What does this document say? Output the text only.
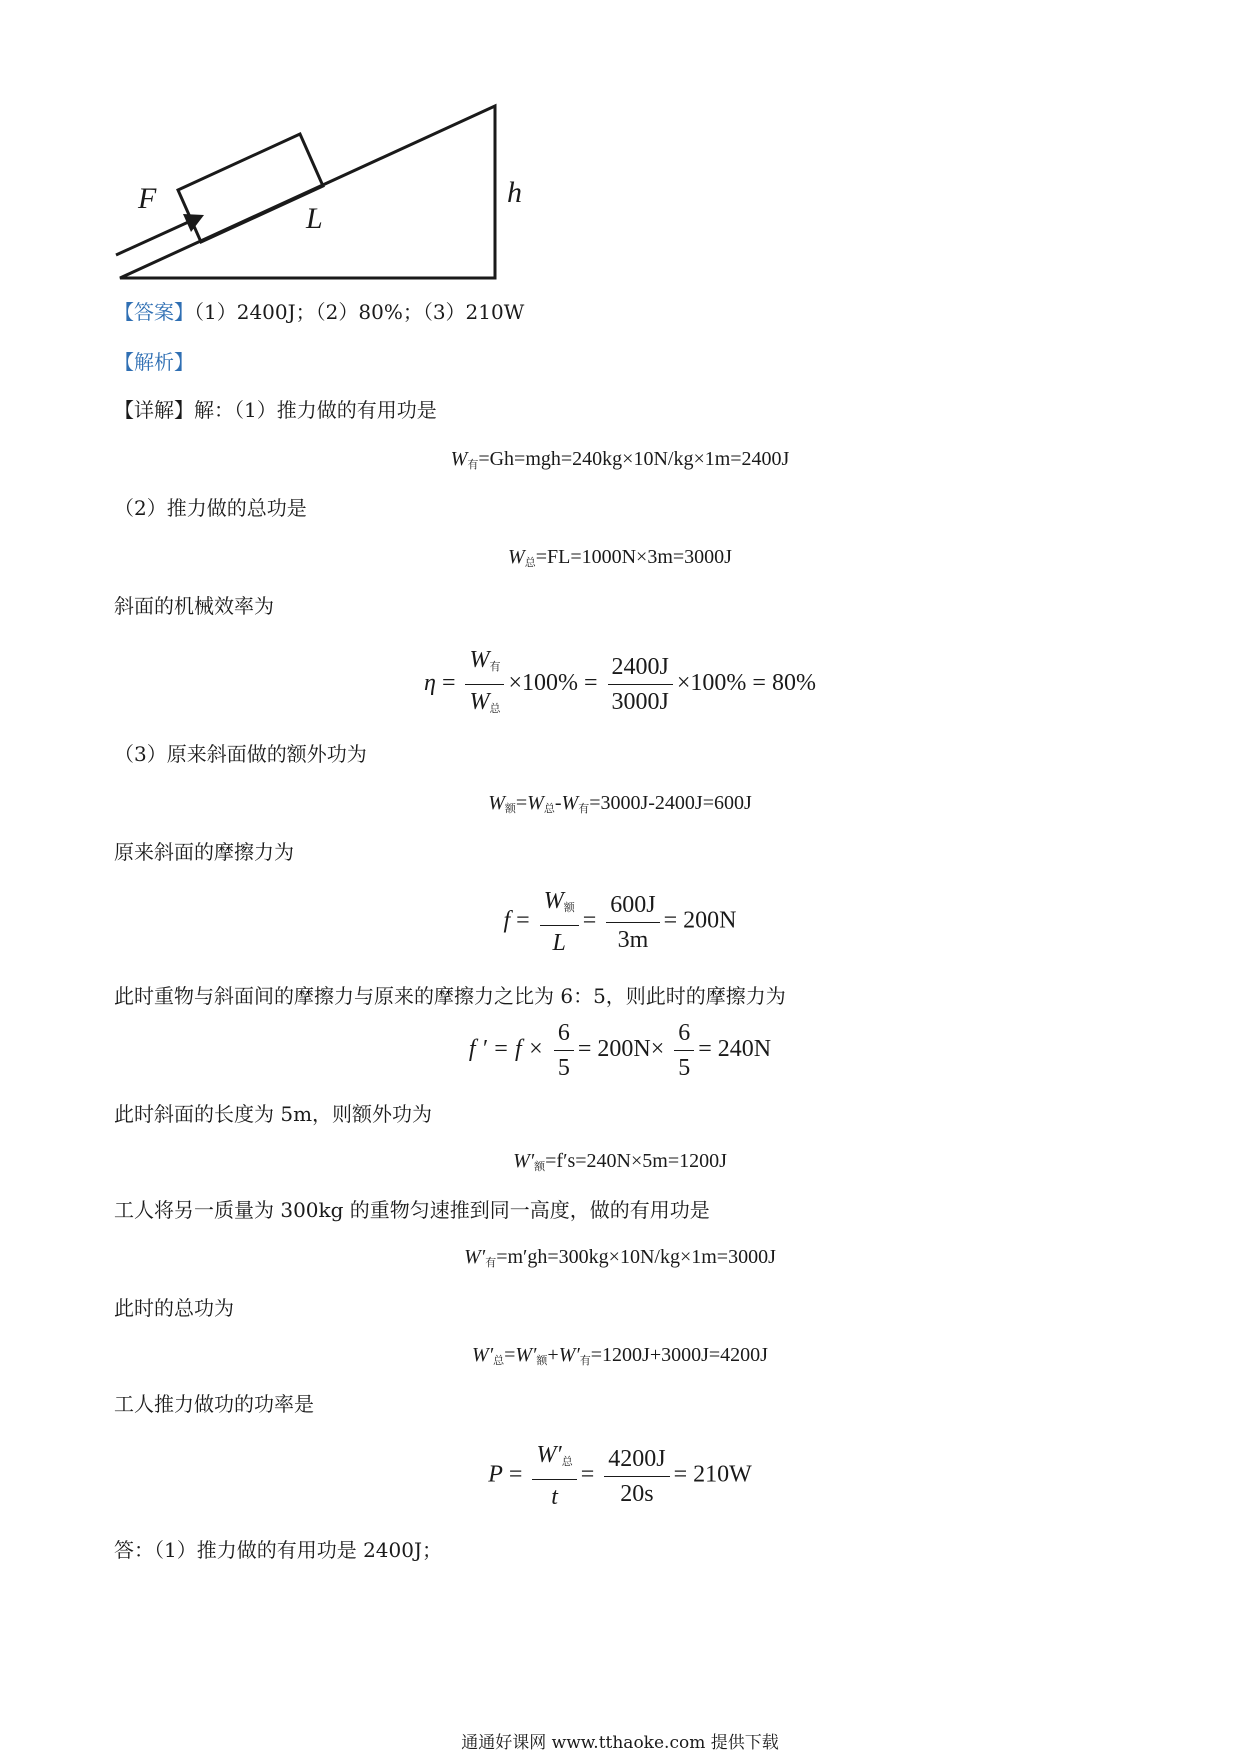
F
L
h
【答案】（1）2400J；（2）80%；（3）210W
【解析】
【详解】解：（1）推力做的有用功是
$W_有=Gh=mgh=240kg\times 10N/kg\times 1m=2400J$
（2）推力做的总功是
$W_总=FL=1000N\times 3m=3000J$
斜面的机械效率为
$\eta = \frac{W_有}{W_总} \times 100\% = \frac{2400J}{3000J} \times 100\% = 80\%$
（3）原来斜面做的额外功为
$W_额=W_总-W_有=3000J-2400J=600J$
原来斜面的摩擦力为
$f = \frac{W_额}{L} = \frac{600J}{3m} = 200N$
此时重物与斜面间的摩擦力与原来的摩擦力之比为 6：5，则此时的摩擦力为
f ′ = $f \times \frac{6}{5} = 200N\times \frac{6}{5} = 240N$
此时斜面的长度为 5m，则额外功为
$W'_额=f's=240N\times 5m=1200J$
工人将另一质量为 300kg 的重物匀速推到同一高度，做的有用功是
$W'_有=m'gh=300kg\times 10N/kg\times 1m=3000J$
此时的总功为
$W'_总=W'_额+W'_有=1200J+3000J=4200J$
工人推力做功的功率是
$P = \frac{W'_总}{t} = \frac{4200J}{20s} = 210W$
答：（1）推力做的有用功是 2400J；
通通好课网 www.tthaoke.com 提供下载
